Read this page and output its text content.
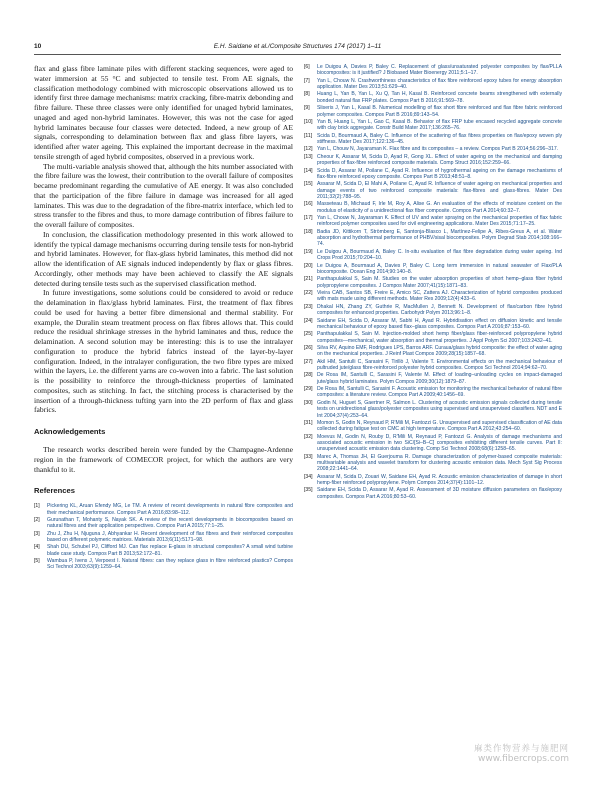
10	E.H. Saidane et al./Composite Structures 174 (2017) 1–11

flax and glass fibre laminate piles with different stacking sequences, were aged to water immersion at 55 °C and subjected to tensile test. From AE signals, the classification methodology combined with microscopic observations allowed us to identify first three damage mechanisms: matrix cracking, fibre-matrix debonding and fibre failure. These three classes were only identified for unaged hybrid laminates, unaged and aged non-hybrid laminates. However, this was not the case for aged hybrid laminates because four classes were detected. Indeed, a new group of AE signals, corresponding to delamination between flax and glass fibre layers, was identified after water ageing. This explained the important decrease in the maximal tensile strength of aged hybrid composites, observed in a previous work.

The multi-variable analysis showed that, although the hits number associated with the fibre failure was the lowest, their contribution to the overall failure of composites became predominant regarding the cumulative of AE energy. It was also concluded that the participation of the fibre failure in damage was increased for all aged laminates. This was due to the degradation of the fibre-matrix interface, which led to stress transfer to the fibres and thus, to more damage contribution of fibres failure to the overall failure of composites.

In conclusion, the classification methodology presented in this work allowed to identify the typical damage mechanisms occurring during tensile tests for non-hybrid and hybrid laminates. However, for flax-glass hybrid laminates, this method did not allow the identification of AE signals induced independently by flax or glass fibres. Accordingly, other methods may have been achieved to classify the AE signals detected during tensile tests such as the supervised classification method.

In future investigations, some solutions could be considered to avoid or reduce the delamination in flax/glass hybrid laminates. First, the treatment of flax fibres could be used for having a better fibre dimensional and thermal stability. For example, the Duralin steam treatment process on flax fibres allows that. This could reduce the residual shrinkage stresses in the hybrid laminates and thus, reduce the delamination. A second solution may be interesting: this is to use the intralayer configuration to produce the hybrid fabrics instead of the layer-by-layer configuration. Indeed, in the intralayer configuration, the two fibre types are mixed within the layers, i.e. the different yarns are co-woven into a fabric. The last solution is the possibility to reinforce the through-thickness properties of laminated composites, such as stitching. In fact, the stitching process is characterised by the insertion of a through-thickness tufting yarn into the 2D perform of flax and glass fabrics.

Acknowledgements

The research works described herein were funded by the Champagne-Ardenne region in the framework of COMECOR project, for which the authors are very thankful to it.

References
[1]	Pickering KL, Aruan Efendy MG, Le TM. A review of recent developments in natural fibre composites and their mechanical performance. Compos Part A 2016;83:98–112.
[2]	Gurunathan T, Mohanty S, Nayak SK. A review of the recent developments in biocomposites based on natural fibres and their application perspectives. Compos Part A 2015;77:1–25.
[3]	Zhu J, Zhu H, Njuguna J, Abhyankar H. Recent development of flax fibres and their reinforced composites based on different polymeric matrices. Materials 2013;6(11):5171–98.
[4]	Shah DU, Schubel PJ, Clifford MJ. Can flax replace E-glass in structural composites? A small wind turbine blade case study. Compos Part B 2013;52:172–81.
[5]	Wambua P, Ivens J, Verpoest I. Natural fibres: can they replace glass in fibre reinforced plastics? Compos Sci Technol 2003;63(9):1259–64.
[6]	Le Duigou A, Davies P, Baley C. Replacement of glass/unsaturated polyester composites by flax/PLLA biocomposites: is it justified? J Biobased Mater Bioenergy 2011;5:1–17.
[7]	Yan L, Chouw N. Crashworthiness characteristics of flax fibre reinforced epoxy tubes for energy absorption application. Mater Des 2013;51:629–40.
[8]	Huang L, Yan B, Yan L, Xu Q, Tan H, Kasal B. Reinforced concrete beams strengthened with externally bonded natural flax FRP plates. Compos Part B 2016;91:569–78.
[9]	Sliseris J, Yan L, Kasal B. Numerical modelling of flax short fibre reinforced and flax fibre fabric reinforced polymer composites. Compos Part B 2016;89:143–54.
[10] Yan B, Huang L, Yan L, Gao C, Kasal B. Behavior of flax FRP tube encased recycled aggregate concrete with clay brick aggregate. Constr Build Mater 2017;136:265–76.
[11] Scida D, Bourmaud A, Baley C. Influence of the scattering of flax fibres properties on flax/epoxy woven ply stiffness. Mater Des 2017;122:136–45.
[12] Yan L, Chouw N, Jayaraman K. Flax fibre and its composites – a review. Compos Part B 2014;56:296–317.
[13] Cheour K, Assarar M, Scida D, Ayad R, Gong XL. Effect of water ageing on the mechanical and damping properties of flax-fibre reinforced composite materials. Comp Struct 2016;152:259–66.
[14] Scida D, Assarar M, Poilane C, Ayad R. Influence of hygrothermal ageing on the damage mechanisms of flax-fibre reinforced epoxy composite. Compos Part B 2013;48:51–8.
[15] Assarar M, Scida D, El Mahi A, Poilane C, Ayad R. Influence of water ageing on mechanical properties and damage events of two reinforced composite materials: flax-fibres and glass-fibres. Mater Des 2011;32(2):788–95.
[16] Masseteau B, Michaud F, Irle M, Roy A, Alise G. An evaluation of the effects of moisture content on the modulus of elasticity of a unidirectional flax fiber composite. Compos Part A 2014;60:32–7.
[17] Yan L, Chouw N, Jayaraman K. Effect of UV and water spraying on the mechanical properties of flax fabric reinforced polymer composites used for civil engineering applications. Mater Des 2015;71:17–25.
[18] Badia JD, Kittikorn T, Strömberg E, Santonja-Blasco L, Martínez-Felipe A, Ribes-Greus A, et al. Water absorption and hydrothermal performance of PHBV/sisal biocomposites. Polym Degrad Stab 2014;108:166–74.
[19] Le Duigou A, Bourmaud A, Baley C. In-situ evaluation of flax fibre degradation during water ageing. Ind Crops Prod 2015;70:204–10.
[20] Le Duigou A, Bourmaud A, Davies P, Baley C. Long term immersion in natural seawater of Flax/PLA biocomposite. Ocean Eng 2014;90:140–8.
[21] Panthapulakkal S, Sain M. Studies on the water absorption properties of short hemp–glass fiber hybrid polypropylene composites. J Compos Mater 2007;41(15):1871–83.
[22] Vieira CAB, Santos SB, Freire E, Amico SC, Zattera AJ. Characterization of hybrid composites produced with mats made using different methods. Mater Res 2009;12(4):433–6.
[23] Dhakal HN, Zhang ZY, Guthrie R, MacMullen J, Bennett N. Development of flax/carbon fibre hybrid composites for enhanced properties. Carbohydr Polym 2013;96:1–8.
[24] Saidane EH, Scida D, Assarar M, Sabhi H, Ayad R. Hybridisation effect on diffusion kinetic and tensile mechanical behaviour of epoxy based flax–glass composites. Compos Part A 2016;87:153–60.
[25] Panthapulakkal S, Sain M. Injection-molded short hemp fiber/glass fiber-reinforced polypropylene hybrid composites—mechanical, water absorption and thermal properties. J Appl Polym Sci 2007;103:2432–41.
[26] Silva RV, Aquino EMF, Rodrigues LPS, Barros ARF. Curaua/glass hybrid composite: the effect of water aging on the mechanical properties. J Reinf Plast Compos 2009;28(15):1857–68.
[27] Akil HM, Santulli C, Sarasini F, Tirillò J, Valente T. Environmental effects on the mechanical behaviour of pultruded jute/glass fibre-reinforced polyester hybrid composites. Compos Sci Technol 2014;94:62–70.
[28] De Rosa IM, Santulli C, Sarasini F, Valente M. Effect of loading–unloading cycles on impact-damaged jute/glass hybrid laminates. Polym Compos 2009;30(12):1879–87.
[29] De Rosa IM, Santulli C, Sarasini F. Acoustic emission for monitoring the mechanical behavior of natural fibre composites: a literature review. Compos Part A 2009;40:1456–69.
[30] Godin N, Huguet S, Gaertner R, Salmon L. Clustering of acoustic emission signals collected during tensile tests on unidirectional glass/polyester composites using supervised and unsupervised classifiers. NDT and E Int 2004;37(4):253–64.
[31] Momon S, Godin N, Reynaud P, R'Mili M, Fantozzi G. Unsupervised and supervised classification of AE data collected during fatigue test on CMC at high temperature. Compos Part A 2012;43:254–60.
[32] Moevus M, Godin N, Rouby D, R'Mili M, Reynaud P, Fantozzi G. Analysis of damage mechanisms and associated acoustic emission in two SiC/[Si–B–C] composites exhibiting different tensile curves. Part II: unsupervised acoustic emission data clustering. Comp Sci Technol 2008;68(6):1258–65.
[33] Marec A, Thomas JH, El Guerjouma R. Damage characterization of polymer-based composite materials: multivariable analysis and wavelet transform for clustering acoustic emission data. Mech Syst Sig Process 2008;22:1441–64.
[34] Assarar M, Scida D, Zouari W, Saidane EH, Ayad R. Acoustic emission characterization of damage in short hemp-fiber reinforced polypropylene. Polym Compos 2014;37(4):1101–12.
[35] Saidane EH, Scida D, Assarar M, Ayad R. Assessment of 3D moisture diffusion parameters on flax/epoxy composites. Compos Part A 2016;80:53–60.
麻类作物营养与施肥网
www.fibercrops.com
